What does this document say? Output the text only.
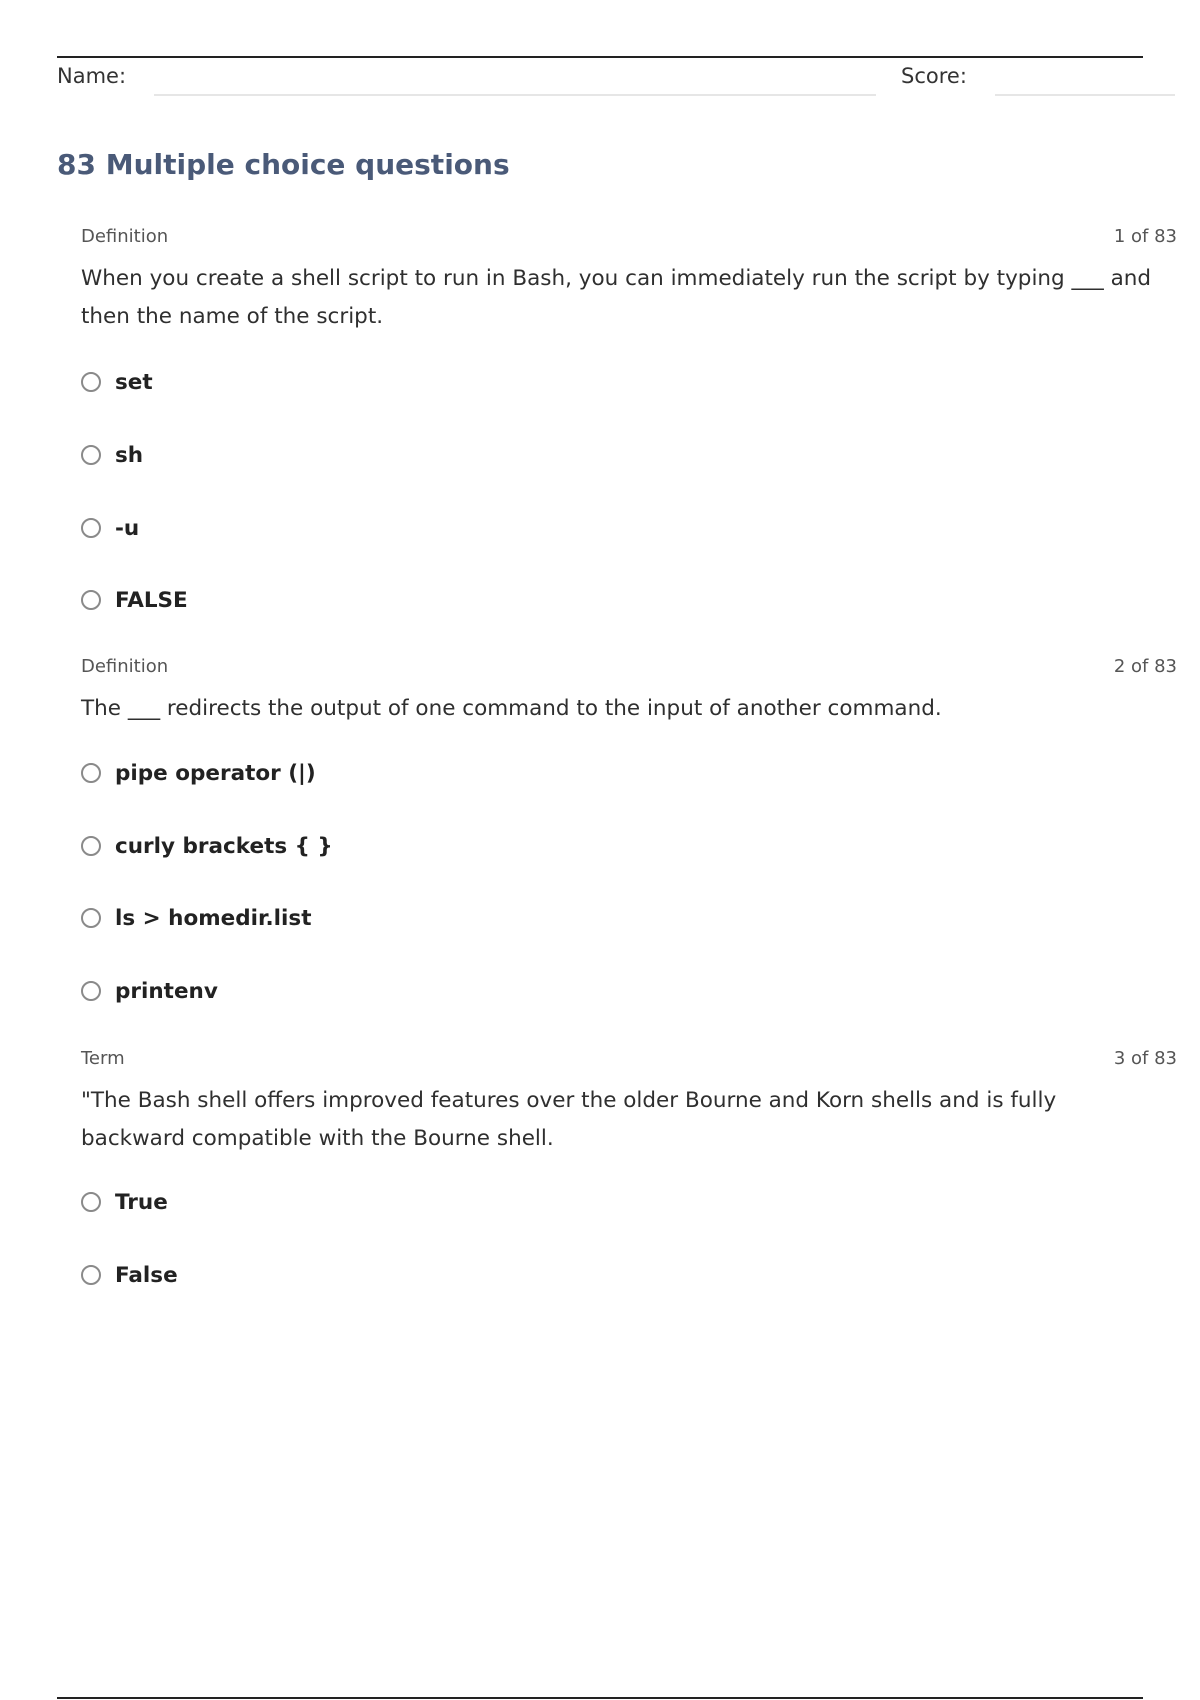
Name:	Score:
83 Multiple choice questions
Definition	1 of 83
When you create a shell script to run in Bash, you can immediately run the script by typing ___ and then the name of the script.
set
sh
-u
FALSE
Definition	2 of 83
The ___ redirects the output of one command to the input of another command.
pipe operator (|)
curly brackets { }
ls > homedir.list
printenv
Term	3 of 83
"The Bash shell offers improved features over the older Bourne and Korn shells and is fully backward compatible with the Bourne shell.
True
False
